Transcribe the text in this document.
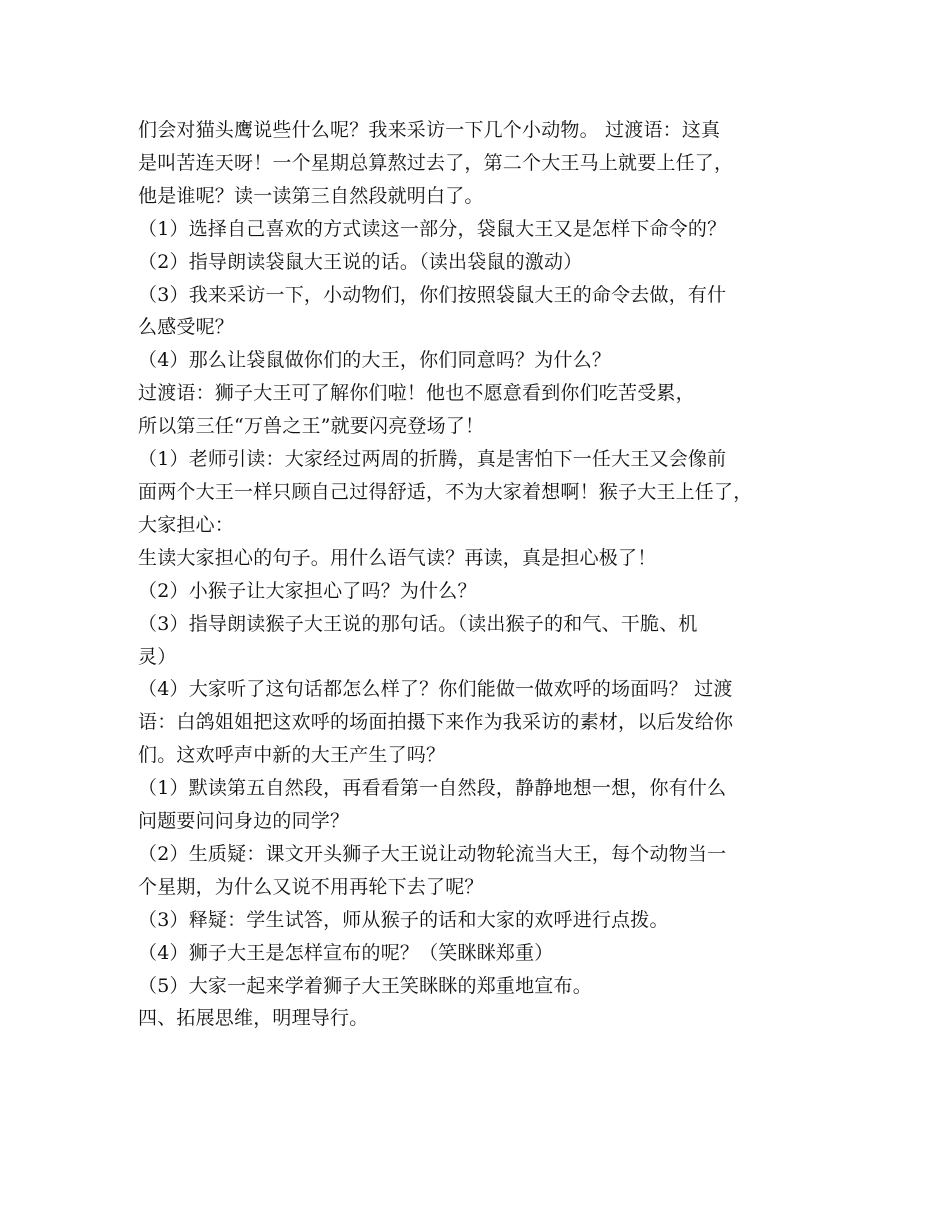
们会对猫头鹰说些什么呢？我来采访一下几个小动物。 过渡语：这真
是叫苦连天呀！一个星期总算熬过去了，第二个大王马上就要上任了，
他是谁呢？读一读第三自然段就明白了。
（1）选择自己喜欢的方式读这一部分，袋鼠大王又是怎样下命令的？
（2）指导朗读袋鼠大王说的话。（读出袋鼠的激动）
（3）我来采访一下，小动物们，你们按照袋鼠大王的命令去做，有什
么感受呢？
（4）那么让袋鼠做你们的大王，你们同意吗？为什么？
过渡语：狮子大王可了解你们啦！他也不愿意看到你们吃苦受累，
所以第三任“万兽之王”就要闪亮登场了！
（1）老师引读：大家经过两周的折腾，真是害怕下一任大王又会像前
面两个大王一样只顾自己过得舒适，不为大家着想啊！猴子大王上任了，
大家担心：
生读大家担心的句子。用什么语气读？再读，真是担心极了！
（2）小猴子让大家担心了吗？为什么？
（3）指导朗读猴子大王说的那句话。（读出猴子的和气、干脆、机
灵）
（4）大家听了这句话都怎么样了？你们能做一做欢呼的场面吗？ 过渡
语：白鸽姐姐把这欢呼的场面拍摄下来作为我采访的素材，以后发给你
们。这欢呼声中新的大王产生了吗？
（1）默读第五自然段，再看看第一自然段，静静地想一想，你有什么
问题要问问身边的同学？
（2）生质疑：课文开头狮子大王说让动物轮流当大王，每个动物当一
个星期，为什么又说不用再轮下去了呢？
（3）释疑：学生试答，师从猴子的话和大家的欢呼进行点拨。
（4）狮子大王是怎样宣布的呢？（笑眯眯郑重）
（5）大家一起来学着狮子大王笑眯眯的郑重地宣布。
四、拓展思维，明理导行。
